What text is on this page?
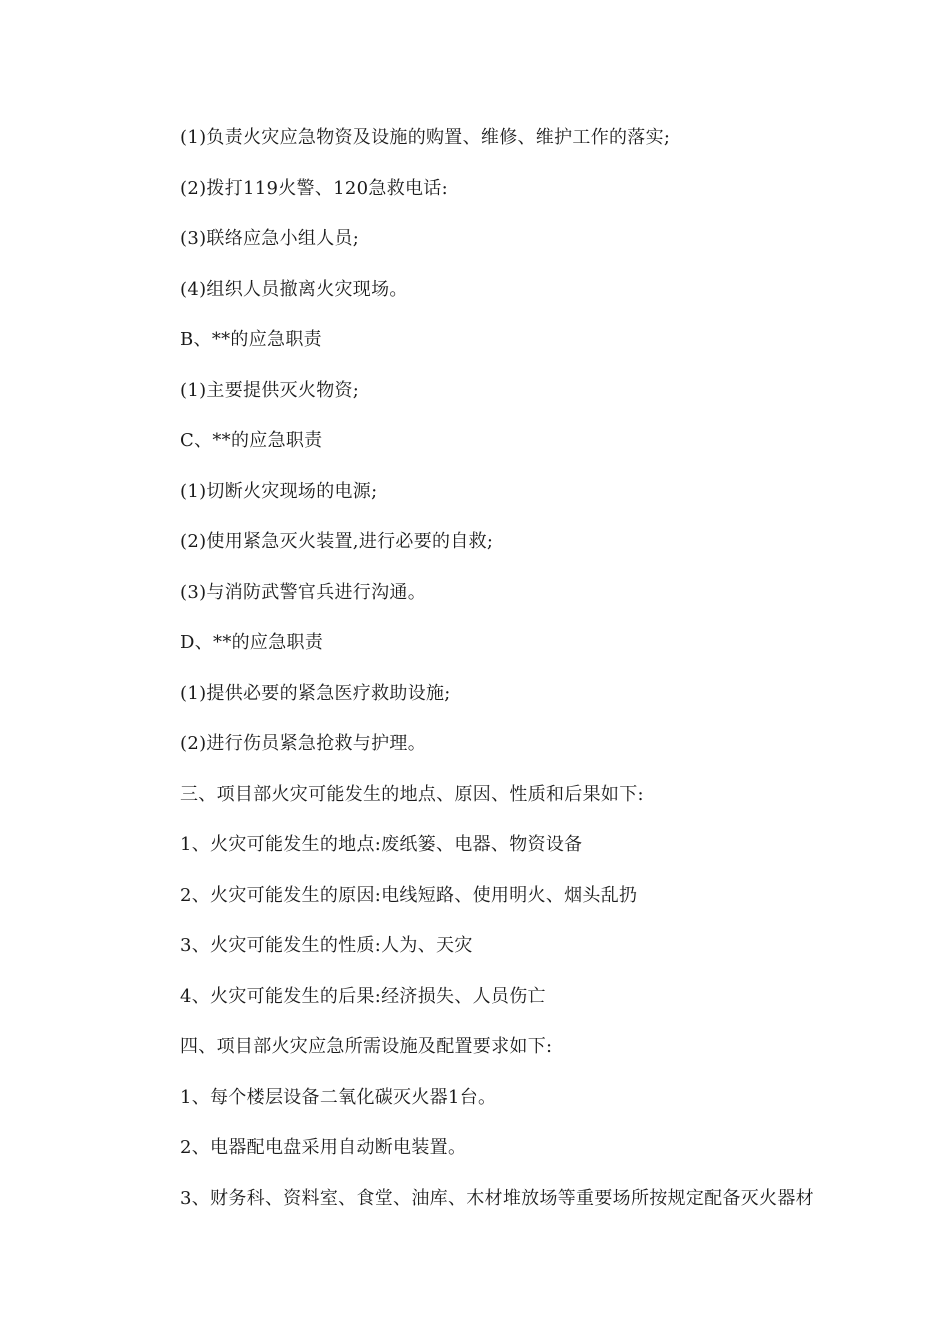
(1)负责火灾应急物资及设施的购置、维修、维护工作的落实;
(2)拨打119火警、120急救电话:
(3)联络应急小组人员;
(4)组织人员撤离火灾现场。
B、**的应急职责
(1)主要提供灭火物资;
C、**的应急职责
(1)切断火灾现场的电源;
(2)使用紧急灭火装置,进行必要的自救;
(3)与消防武警官兵进行沟通。
D、**的应急职责
(1)提供必要的紧急医疗救助设施;
(2)进行伤员紧急抢救与护理。
三、项目部火灾可能发生的地点、原因、性质和后果如下:
1、火灾可能发生的地点:废纸篓、电器、物资设备
2、火灾可能发生的原因:电线短路、使用明火、烟头乱扔
3、火灾可能发生的性质:人为、天灾
4、火灾可能发生的后果:经济损失、人员伤亡
四、项目部火灾应急所需设施及配置要求如下:
1、每个楼层设备二氧化碳灭火器1台。
2、电器配电盘采用自动断电装置。
3、财务科、资料室、食堂、油库、木材堆放场等重要场所按规定配备灭火器材
